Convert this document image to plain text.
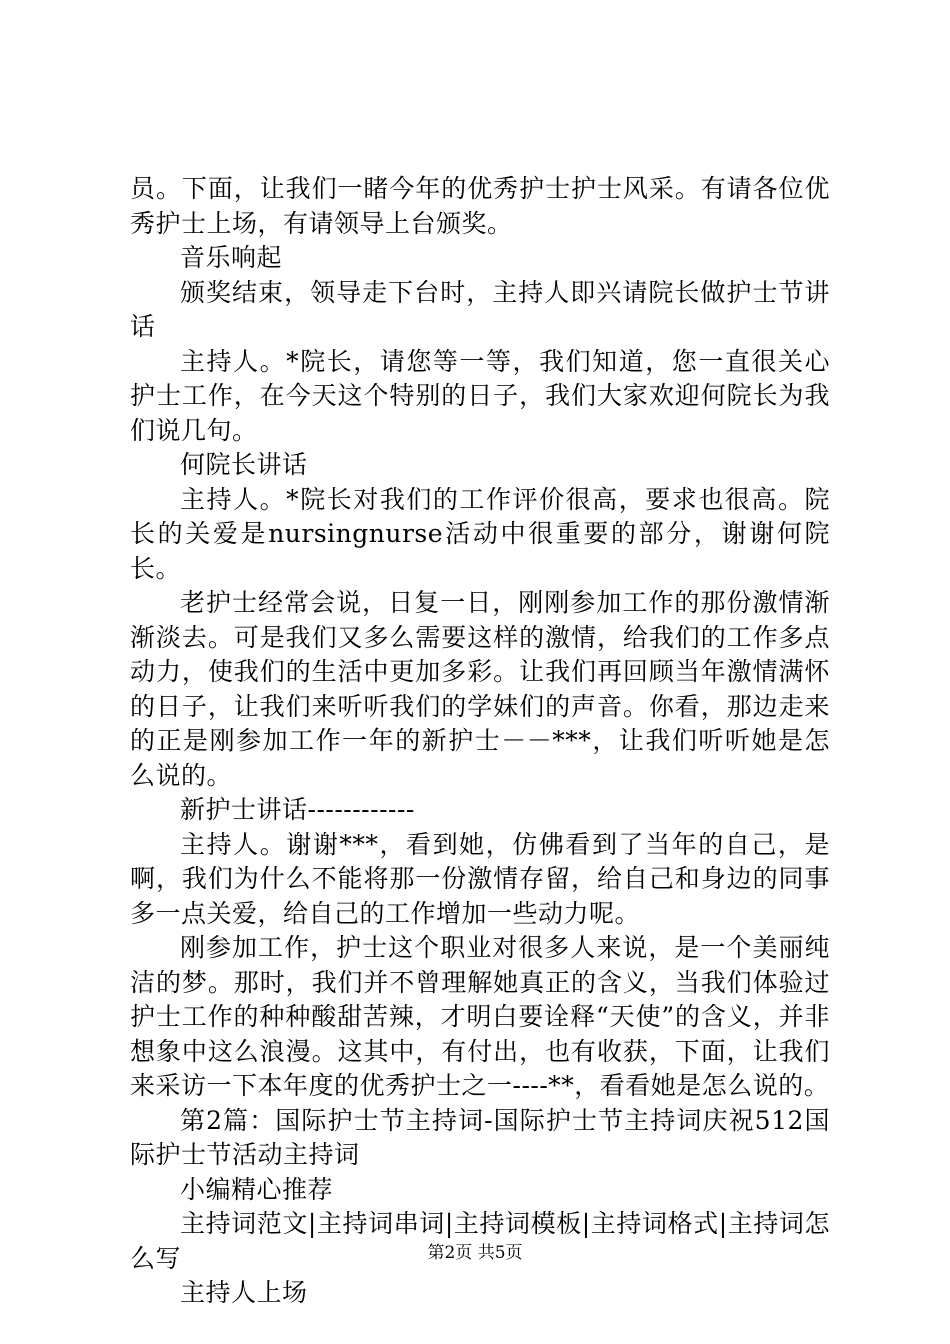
员。下面，让我们一睹今年的优秀护士护士风采。有请各位优秀护士上场，有请领导上台颁奖。

音乐响起

颁奖结束，领导走下台时，主持人即兴请院长做护士节讲话

主持人。*院长，请您等一等，我们知道，您一直很关心护士工作，在今天这个特别的日子，我们大家欢迎何院长为我们说几句。

何院长讲话

主持人。*院长对我们的工作评价很高，要求也很高。院长的关爱是nursingnurse活动中很重要的部分，谢谢何院长。

老护士经常会说，日复一日，刚刚参加工作的那份激情渐渐淡去。可是我们又多么需要这样的激情，给我们的工作多点动力，使我们的生活中更加多彩。让我们再回顾当年激情满怀的日子，让我们来听听我们的学妹们的声音。你看，那边走来的正是刚参加工作一年的新护士－－***，让我们听听她是怎么说的。

新护士讲话------------

主持人。谢谢***，看到她，仿佛看到了当年的自己，是啊，我们为什么不能将那一份激情存留，给自己和身边的同事多一点关爱，给自己的工作增加一些动力呢。

刚参加工作，护士这个职业对很多人来说，是一个美丽纯洁的梦。那时，我们并不曾理解她真正的含义，当我们体验过护士工作的种种酸甜苦辣，才明白要诠释“天使”的含义，并非想象中这么浪漫。这其中，有付出，也有收获，下面，让我们来采访一下本年度的优秀护士之一----**，看看她是怎么说的。

第2篇：国际护士节主持词-国际护士节主持词庆祝512国际护士节活动主持词

小编精心推荐

主持词范文|主持词串词|主持词模板|主持词格式|主持词怎么写

主持人上场

第2页 共5页
